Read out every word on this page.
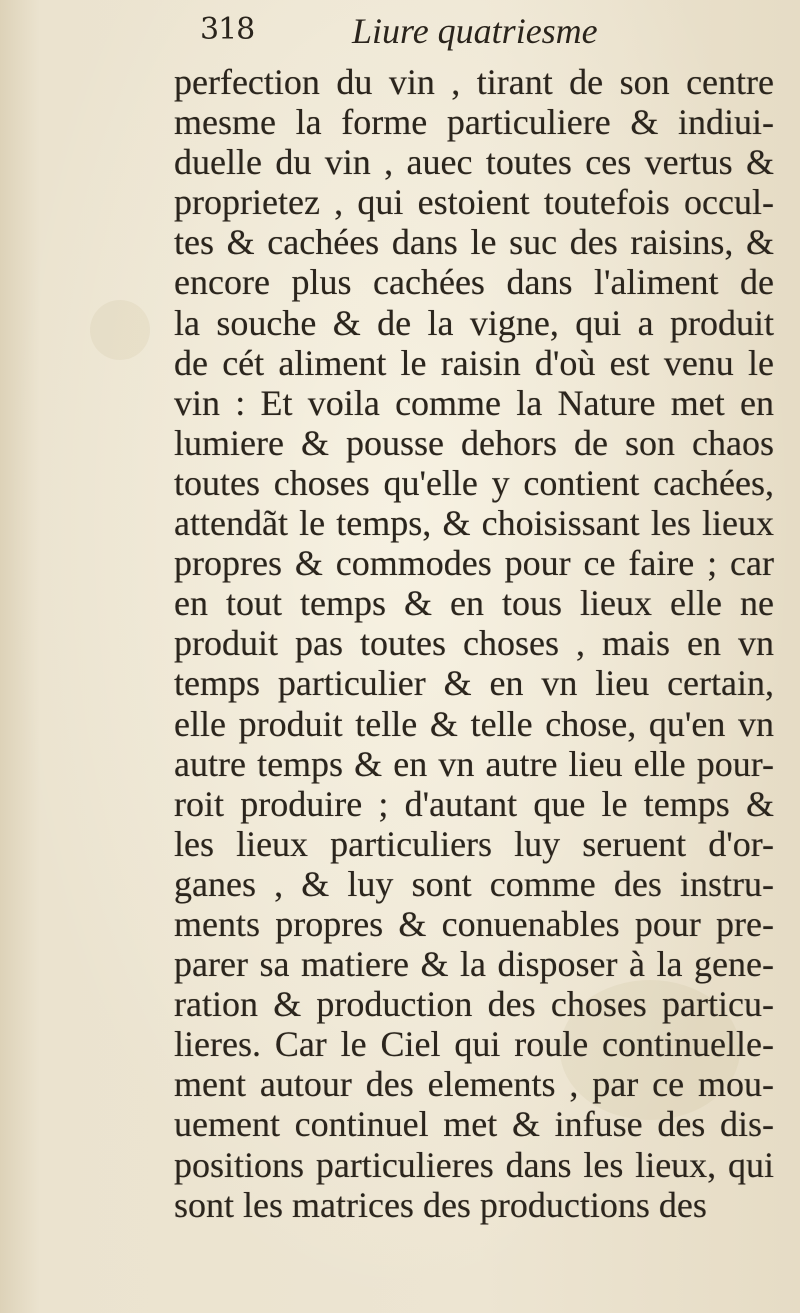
318	Liure quatriesme
perfection du vin , tirant de son centre
mesme la forme particuliere & indiui-
duelle du vin , auec toutes ces vertus &
proprietez , qui estoient toutefois occul-
tes & cachées dans le suc des raisins, &
encore plus cachées dans l'aliment de
la souche & de la vigne, qui a produit
de cét aliment le raisin d'où est venu le
vin : Et voila comme la Nature met en
lumiere & pousse dehors de son chaos
toutes choses qu'elle y contient cachées,
attendãt le temps, & choisissant les lieux
propres & commodes pour ce faire ; car
en tout temps & en tous lieux elle ne
produit pas toutes choses , mais en vn
temps particulier & en vn lieu certain,
elle produit telle & telle chose, qu'en vn
autre temps & en vn autre lieu elle pour-
roit produire ; d'autant que le temps &
les lieux particuliers luy seruent d'or-
ganes , & luy sont comme des instru-
ments propres & conuenables pour pre-
parer sa matiere & la disposer à la gene-
ration & production des choses particu-
lieres. Car le Ciel qui roule continuelle-
ment autour des elements , par ce mou-
uement continuel met & infuse des dis-
positions particulieres dans les lieux, qui
sont les matrices des productions des
